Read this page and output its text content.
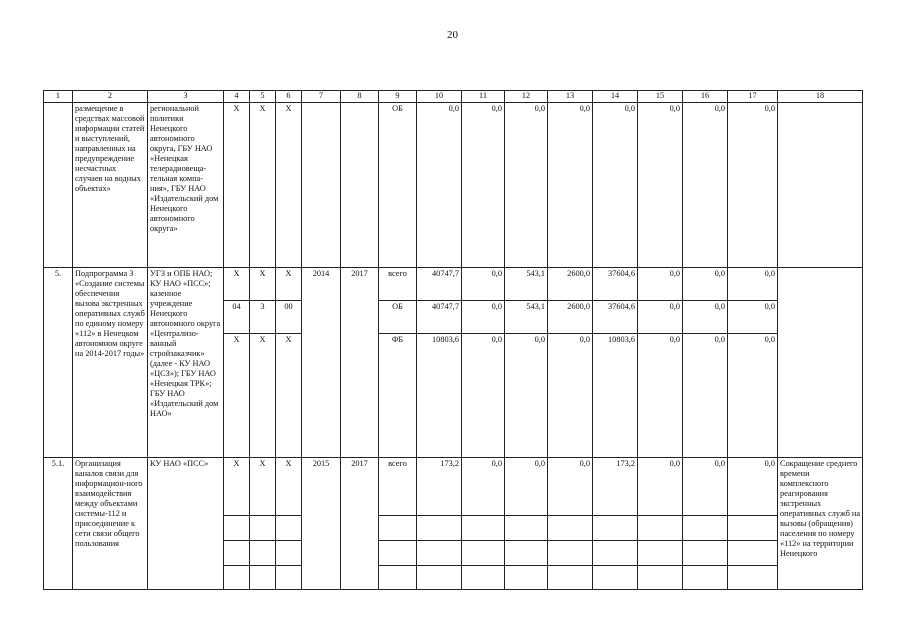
20
1	2	3	4	5	6	7	8	9	10	11	12	13	14	15	16	17	18
	размещение в средствах массовой информации статей и выступлений, направленных на предупреждение несчастных случаев на водных объектах»	региональной политики Ненецкого автономного округа, ГБУ НАО «Ненецкая телерадиовеща-тельная компа-ния», ГБУ НАО «Издательский дом Ненецкого автономного округа»	Х	Х	Х			ОБ	0,0	0,0	0,0	0,0	0,0	0,0	0,0	0,0	
5.	Подпрограмма 3 «Создание системы обеспечения вызова экстренных оперативных служб по единому номеру «112» в Ненецком автономном округе на 2014-2017 годы»	УГЗ и ОПБ НАО; КУ НАО «ПСС»; казенное учреждение Ненецкого автономного округа «Централизо-ванный стройзаказчик» (далее - КУ НАО «ЦСЗ»); ГБУ НАО «Ненецкая ТРК»; ГБУ НАО «Издательский дом НАО»	Х	Х	Х	2014	2017	всего	40747,7	0,0	543,1	2600,0	37604,6	0,0	0,0	0,0	
			04	3	00			ОБ	40747,7	0,0	543,1	2600,0	37604,6	0,0	0,0	0,0	
			Х	Х	Х			ФБ	10803,6	0,0	0,0	0,0	10803,6	0,0	0,0	0,0	
5.1.	Организация каналов связи для информацион-ного взаимодействия между объектами системы-112 и присоединение к сети связи общего пользования	КУ НАО «ПСС»	Х	Х	Х	2015	2017	всего	173,2	0,0	0,0	0,0	173,2	0,0	0,0	0,0	Сокращение среднего времени комплексного реагирования экстренных оперативных служб на вызовы (обращения) населения по номеру «112» на территории Ненецкого
